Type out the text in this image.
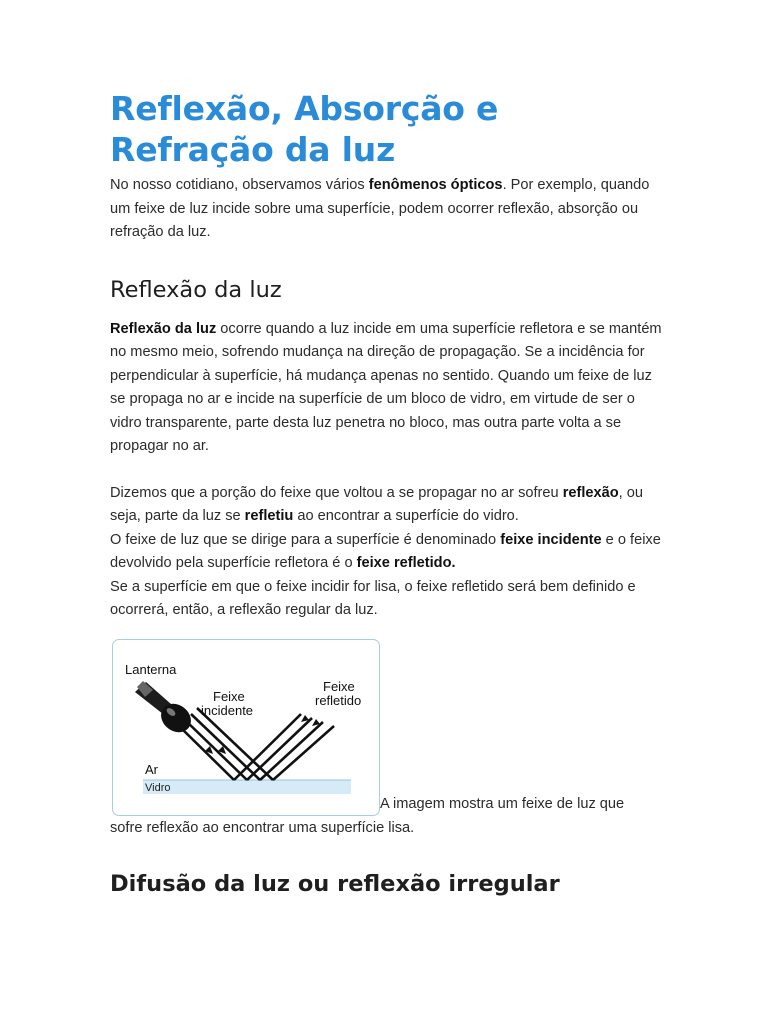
Reflexão, Absorção e Refração da luz

No nosso cotidiano, observamos vários fenômenos ópticos. Por exemplo, quando um feixe de luz incide sobre uma superfície, podem ocorrer reflexão, absorção ou refração da luz.

Reflexão da luz

Reflexão da luz ocorre quando a luz incide em uma superfície refletora e se mantém no mesmo meio, sofrendo mudança na direção de propagação. Se a incidência for perpendicular à superfície, há mudança apenas no sentido. Quando um feixe de luz se propaga no ar e incide na superfície de um bloco de vidro, em virtude de ser o vidro transparente, parte desta luz penetra no bloco, mas outra parte volta a se propagar no ar.

Dizemos que a porção do feixe que voltou a se propagar no ar sofreu reflexão, ou seja, parte da luz se refletiu ao encontrar a superfície do vidro.
O feixe de luz que se dirige para a superfície é denominado feixe incidente e o feixe devolvido pela superfície refletora é o feixe refletido.
Se a superfície em que o feixe incidir for lisa, o feixe refletido será bem definido e ocorrerá, então, a reflexão regular da luz.

Lanterna
Feixe
incidente
Feixe
refletido
Ar
Vidro

A imagem mostra um feixe de luz que

sofre reflexão ao encontrar uma superfície lisa.

Difusão da luz ou reflexão irregular
